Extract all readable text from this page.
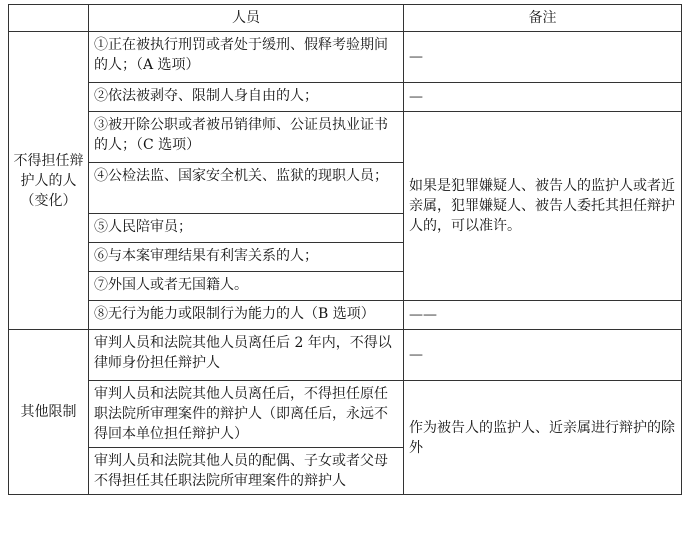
	人员	备注
不得担任辩护人的人（变化）	①正在被执行刑罚或者处于缓刑、假释考验期间的人；（A 选项）	—
	②依法被剥夺、限制人身自由的人；	—
	③被开除公职或者被吊销律师、公证员执业证书的人；（C 选项）	如果是犯罪嫌疑人、被告人的监护人或者近亲属，犯罪嫌疑人、被告人委托其担任辩护人的，可以准许。
	④公检法监、国家安全机关、监狱的现职人员；	
	⑤人民陪审员；	
	⑥与本案审理结果有利害关系的人；	
	⑦外国人或者无国籍人。	
	⑧无行为能力或限制行为能力的人（B 选项）	——
其他限制	审判人员和法院其他人员离任后 2 年内，不得以律师身份担任辩护人	—
	审判人员和法院其他人员离任后，不得担任原任职法院所审理案件的辩护人（即离任后，永远不得回本单位担任辩护人）	作为被告人的监护人、近亲属进行辩护的除外
	审判人员和法院其他人员的配偶、子女或者父母不得担任其任职法院所审理案件的辩护人	
